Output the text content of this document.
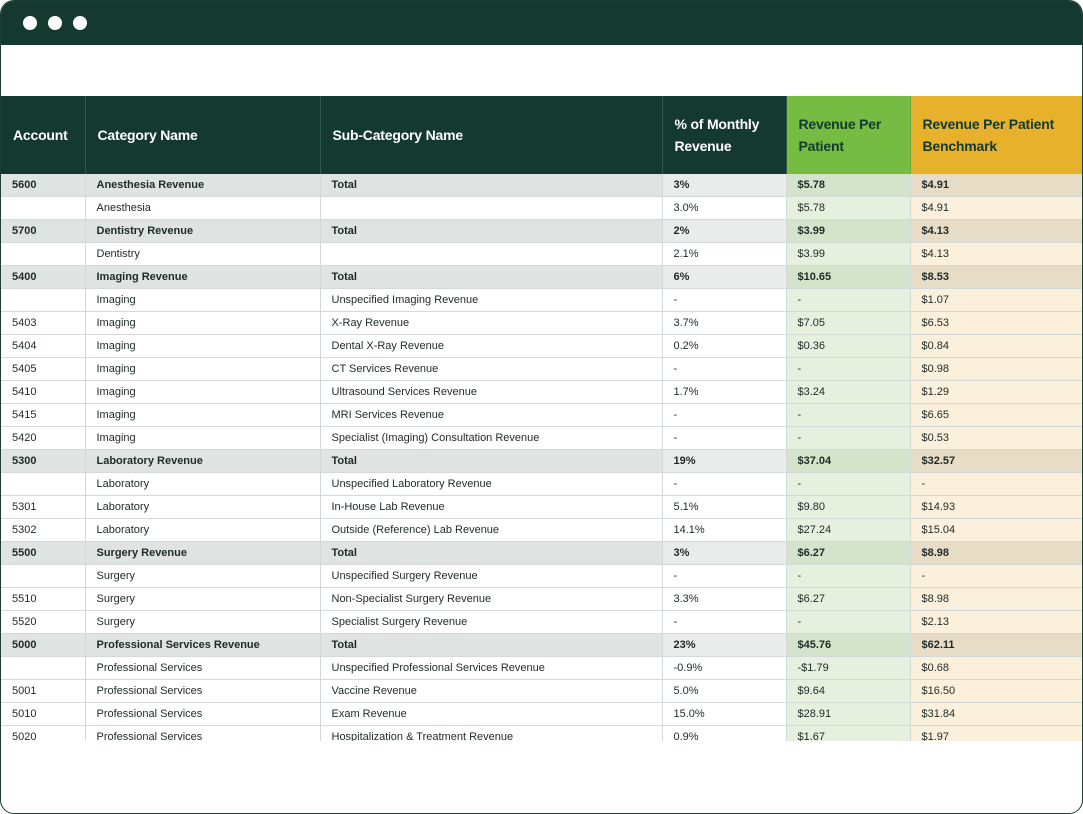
Account	Category Name	Sub-Category Name	% of Monthly Revenue	Revenue Per Patient	Revenue Per Patient Benchmark
5600	Anesthesia Revenue	Total	3%	$5.78	$4.91
	Anesthesia		3.0%	$5.78	$4.91
5700	Dentistry Revenue	Total	2%	$3.99	$4.13
	Dentistry		2.1%	$3.99	$4.13
5400	Imaging Revenue	Total	6%	$10.65	$8.53
	Imaging	Unspecified Imaging Revenue	-	-	$1.07
5403	Imaging	X-Ray Revenue	3.7%	$7.05	$6.53
5404	Imaging	Dental X-Ray Revenue	0.2%	$0.36	$0.84
5405	Imaging	CT Services Revenue	-	-	$0.98
5410	Imaging	Ultrasound Services Revenue	1.7%	$3.24	$1.29
5415	Imaging	MRI Services Revenue	-	-	$6.65
5420	Imaging	Specialist (Imaging) Consultation Revenue	-	-	$0.53
5300	Laboratory Revenue	Total	19%	$37.04	$32.57
	Laboratory	Unspecified Laboratory Revenue	-	-	-
5301	Laboratory	In-House Lab Revenue	5.1%	$9.80	$14.93
5302	Laboratory	Outside (Reference) Lab Revenue	14.1%	$27.24	$15.04
5500	Surgery Revenue	Total	3%	$6.27	$8.98
	Surgery	Unspecified Surgery Revenue	-	-	-
5510	Surgery	Non-Specialist Surgery Revenue	3.3%	$6.27	$8.98
5520	Surgery	Specialist Surgery Revenue	-	-	$2.13
5000	Professional Services Revenue	Total	23%	$45.76	$62.11
	Professional Services	Unspecified Professional Services Revenue	-0.9%	-$1.79	$0.68
5001	Professional Services	Vaccine Revenue	5.0%	$9.64	$16.50
5010	Professional Services	Exam Revenue	15.0%	$28.91	$31.84
5020	Professional Services	Hospitalization & Treatment Revenue	0.9%	$1.67	$1.97
